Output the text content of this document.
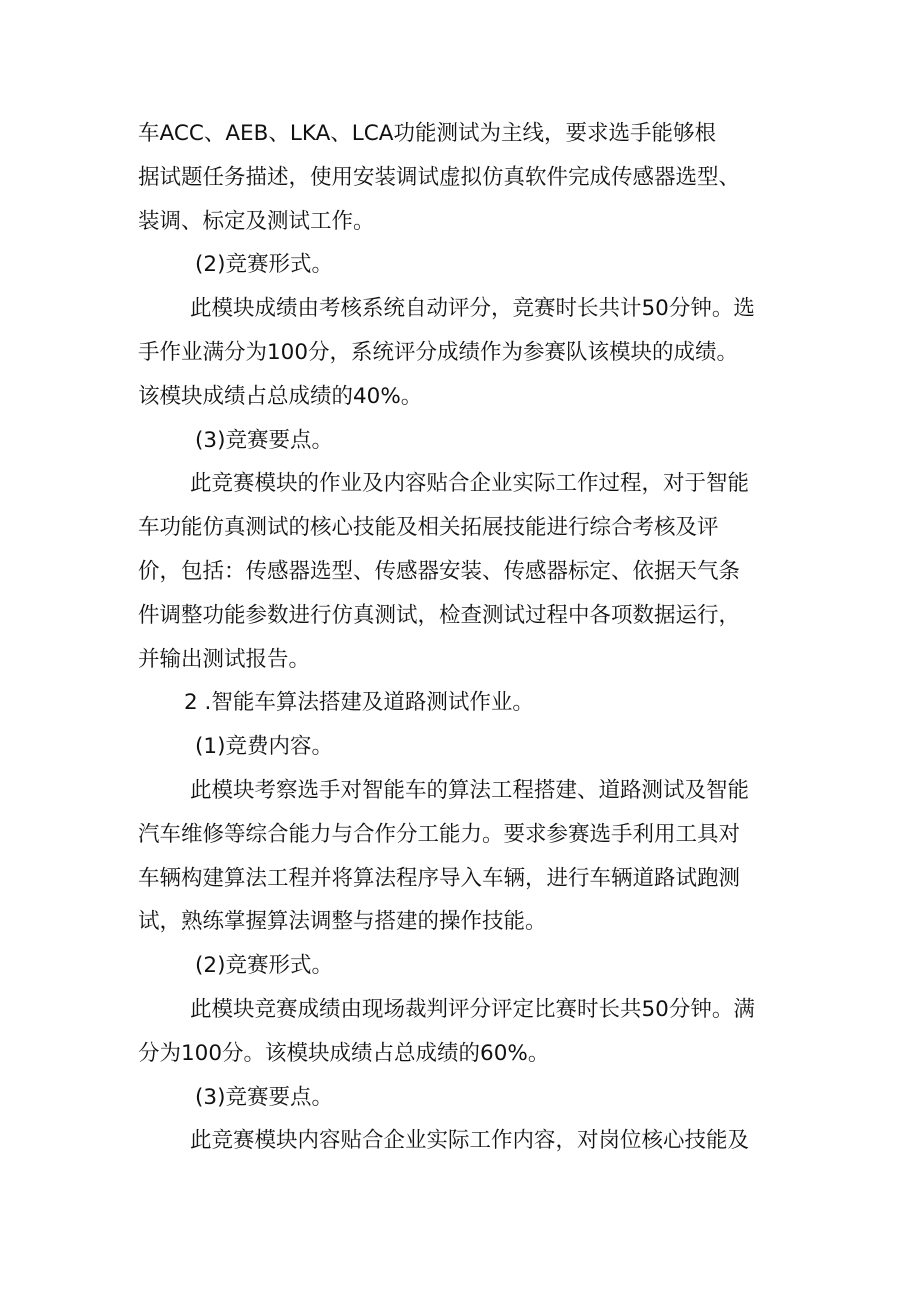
车ACC、AEB、LKA、LCA功能测试为主线，要求选手能够根
据试题任务描述，使用安装调试虚拟仿真软件完成传感器选型、
装调、标定及测试工作。
(2)竞赛形式。
此模块成绩由考核系统自动评分，竞赛时长共计50分钟。选
手作业满分为100分，系统评分成绩作为参赛队该模块的成绩。
该模块成绩占总成绩的40%。
(3)竞赛要点。
此竞赛模块的作业及内容贴合企业实际工作过程，对于智能
车功能仿真测试的核心技能及相关拓展技能进行综合考核及评
价，包括：传感器选型、传感器安装、传感器标定、依据天气条
件调整功能参数进行仿真测试，检查测试过程中各项数据运行，
并输出测试报告。
2 .智能车算法搭建及道路测试作业。
(1)竞费内容。
此模块考察选手对智能车的算法工程搭建、道路测试及智能
汽车维修等综合能力与合作分工能力。要求参赛选手利用工具对
车辆构建算法工程并将算法程序导入车辆，进行车辆道路试跑测
试，熟练掌握算法调整与搭建的操作技能。
(2)竞赛形式。
此模块竞赛成绩由现场裁判评分评定比赛时长共50分钟。满
分为100分。该模块成绩占总成绩的60%。
(3)竞赛要点。
此竞赛模块内容贴合企业实际工作内容，对岗位核心技能及
